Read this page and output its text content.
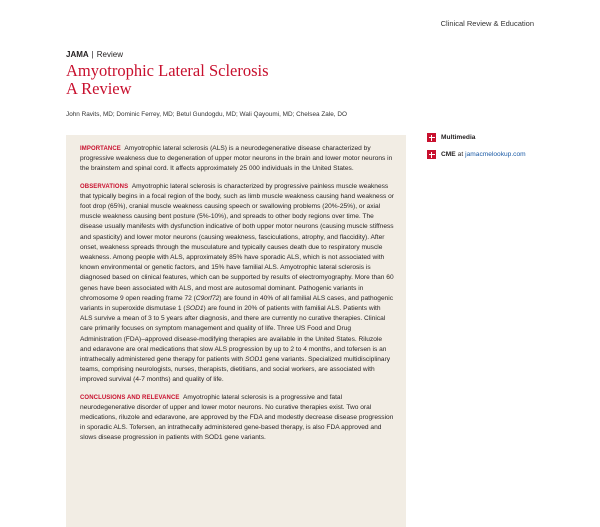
Clinical Review & Education
JAMA | Review
Amyotrophic Lateral Sclerosis
A Review
John Ravits, MD; Dominic Ferrey, MD; Betul Gundogdu, MD; Wali Qayoumi, MD; Chelsea Zale, DO

IMPORTANCE Amyotrophic lateral sclerosis (ALS) is a neurodegenerative disease characterized by progressive weakness due to degeneration of upper motor neurons in the brain and lower motor neurons in the brainstem and spinal cord. It affects approximately 25 000 individuals in the United States.

OBSERVATIONS Amyotrophic lateral sclerosis is characterized by progressive painless muscle weakness that typically begins in a focal region of the body, such as limb muscle weakness causing hand weakness or foot drop (65%), cranial muscle weakness causing speech or swallowing problems (20%-25%), or axial muscle weakness causing bent posture (5%-10%), and spreads to other body regions over time. The disease usually manifests with dysfunction indicative of both upper motor neurons (causing muscle stiffness and spasticity) and lower motor neurons (causing weakness, fasciculations, atrophy, and flaccidity). After onset, weakness spreads through the musculature and typically causes death due to respiratory muscle weakness. Among people with ALS, approximately 85% have sporadic ALS, which is not associated with known environmental or genetic factors, and 15% have familial ALS. Amyotrophic lateral sclerosis is diagnosed based on clinical features, which can be supported by results of electromyography. More than 60 genes have been associated with ALS, and most are autosomal dominant. Pathogenic variants in chromosome 9 open reading frame 72 (C9orf72) are found in 40% of all familial ALS cases, and pathogenic variants in superoxide dismutase 1 (SOD1) are found in 20% of patients with familial ALS. Patients with ALS survive a mean of 3 to 5 years after diagnosis, and there are currently no curative therapies. Clinical care primarily focuses on symptom management and quality of life. Three US Food and Drug Administration (FDA)–approved disease-modifying therapies are available in the United States. Riluzole and edaravone are oral medications that slow ALS progression by up to 2 to 4 months, and tofersen is an intrathecally administered gene therapy for patients with SOD1 gene variants. Specialized multidisciplinary teams, comprising neurologists, nurses, therapists, dietitians, and social workers, are associated with improved survival (4-7 months) and quality of life.

CONCLUSIONS AND RELEVANCE Amyotrophic lateral sclerosis is a progressive and fatal neurodegenerative disorder of upper and lower motor neurons. No curative therapies exist. Two oral medications, riluzole and edaravone, are approved by the FDA and modestly decrease disease progression in sporadic ALS. Tofersen, an intrathecally administered gene-based therapy, is also FDA approved and slows disease progression in patients with SOD1 gene variants.

Multimedia
CME at jamacmelookup.com
